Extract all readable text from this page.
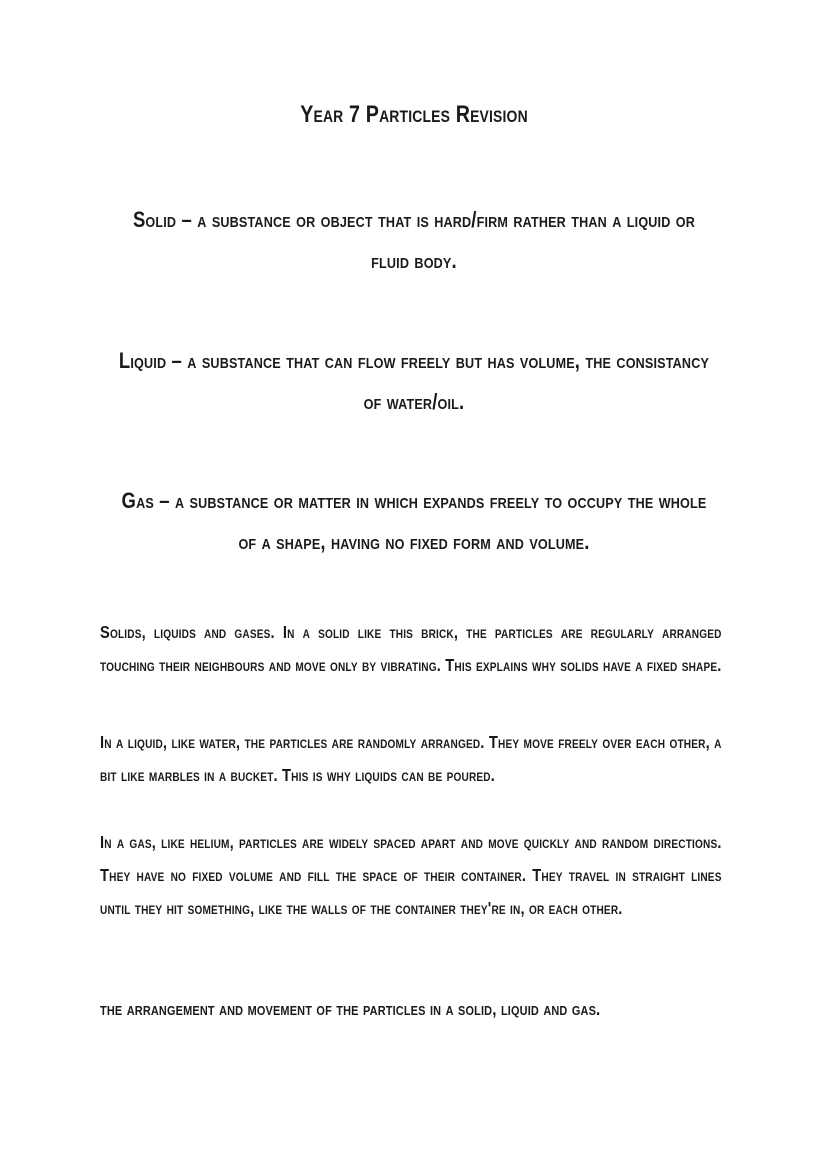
Year 7 Particles Revision
Solid – a substance or object that is hard/firm rather than a liquid or fluid body.
Liquid – a substance that can flow freely but has volume, the consistancy of water/oil.
Gas – a substance or matter in which expands freely to occupy the whole of a shape, having no fixed form and volume.
Solids, liquids and gases. In a solid like this brick, the particles are regularly arranged touching their neighbours and move only by vibrating. This explains why solids have a fixed shape.
In a liquid, like water, the particles are randomly arranged. They move freely over each other, a bit like marbles in a bucket. This is why liquids can be poured.
In a gas, like helium, particles are widely spaced apart and move quickly and random directions. They have no fixed volume and fill the space of their container. They travel in straight lines until they hit something, like the walls of the container they're in, or each other.
the arrangement and movement of the particles in a solid, liquid and gas.
